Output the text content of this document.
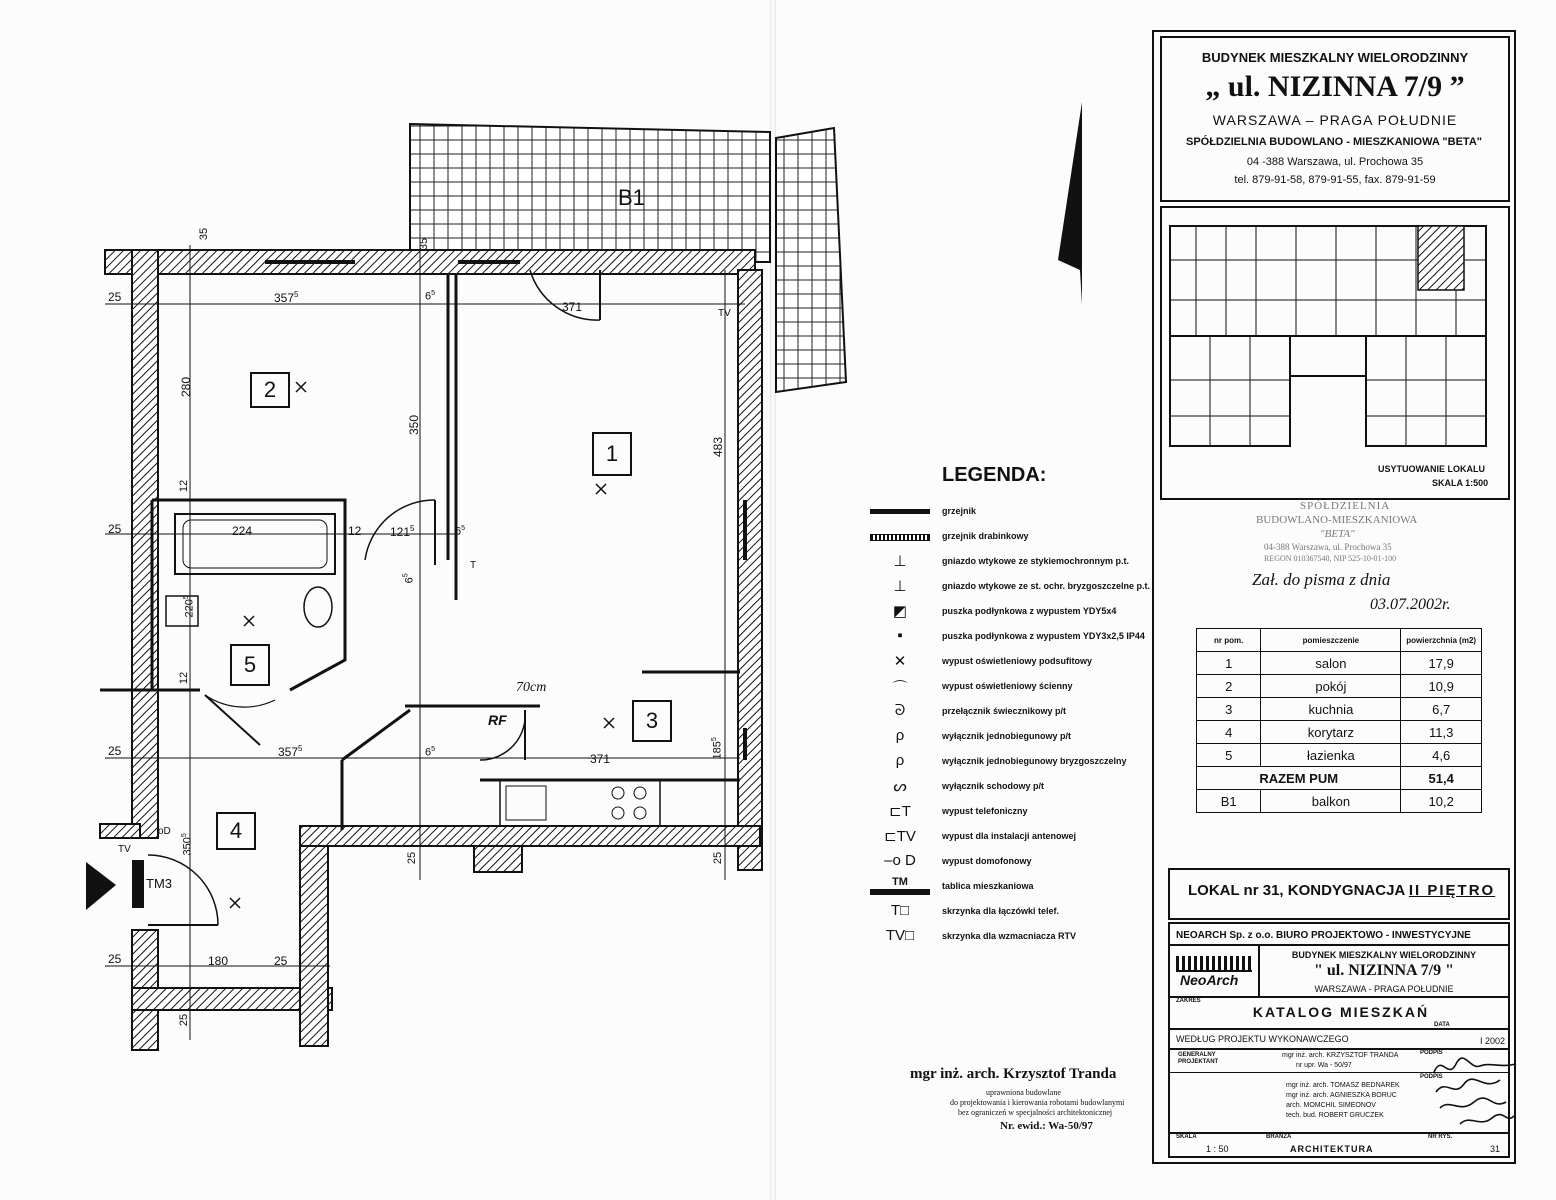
B1
1
2
3
4
5
35
35
25	$357^5$	$6^5$
371
280
350
483
12
25	224	12 $121^5$	$6^5$
$220^5$
$6^5$
12
25	$357^5$	$6^5$
371	$185^5$
$350^5$
25	25
25	180	25
25
TV
TV
T
oD
RF
70cm
TM3
LEGENDA:
grzejnik
grzejnik drabinkowy
⊥	gniazdo wtykowe ze stykiemochronnym p.t.
⊥	gniazdo wtykowe ze st. ochr. bryzgoszczelne p.t.
◩	puszka podłynkowa z wypustem YDY5x4
▪	puszka podłynkowa z wypustem YDY3x2,5 IP44
✕	wypust oświetleniowy podsufitowy
⌒	wypust oświetleniowy ścienny
ᘐ	przełącznik świecznikowy p/t
ρ	wyłącznik jednobiegunowy p/t
ρ	wyłącznik jednobiegunowy bryzgoszczelny
ᔕ	wyłącznik schodowy p/t
⊏T	wypust telefoniczny
⊏TV	wypust dla instalacji antenowej
–o D	wypust domofonowy
TM	tablica mieszkaniowa
T□	skrzynka dla łączówki telef.
TV□	skrzynka dla wzmacniacza RTV
mgr inż. arch. Krzysztof Tranda
uprawniona budowlane
do projektowania i kierowania robotami budowlanymi
bez ograniczeń w specjalności architektonicznej
Nr. ewid.: Wa-50/97
BUDYNEK MIESZKALNY WIELORODZINNY
„ ul. NIZINNA 7/9 ”
WARSZAWA – PRAGA POŁUDNIE
SPÓŁDZIELNIA BUDOWLANO - MIESZKANIOWA "BETA"
04 -388 Warszawa, ul. Prochowa 35
tel. 879-91-58, 879-91-55, fax. 879-91-59
USYTUOWANIE LOKALU
SKALA 1:500
SPÓŁDZIELNIA
BUDOWLANO-MIESZKANIOWA
"BETA"
04-388 Warszawa, ul. Prochowa 35
REGON 010367540, NIP 525-10-01-100
Zał. do pisma z dnia
03.07.2002r.
nr pom.	pomieszczenie	powierzchnia (m2)
1	salon	17,9
2	pokój	10,9
3	kuchnia	6,7
4	korytarz	11,3
5	łazienka	4,6
RAZEM PUM		51,4
B1	balkon	10,2
LOKAL nr 31, KONDYGNACJA II PIĘTRO
NEOARCH Sp. z o.o. BIURO PROJEKTOWO - INWESTYCYJNE
NeoArch
BUDYNEK MIESZKALNY WIELORODZINNY
" ul. NIZINNA 7/9 "
WARSZAWA - PRAGA POŁUDNIE
ZAKRES
KATALOG MIESZKAŃ
WEDŁUG PROJEKTU WYKONAWCZEGO
DATA
I 2002
GENERALNY PROJEKTANT
mgr inż. arch. KRZYSZTOF TRANDA
nr upr. Wa - 50/97
PODPIS
PODPIS
mgr inż. arch. TOMASZ BEDNAREK
mgr inż. arch. AGNIESZKA BORUC
arch. MOMCHIL SIMEONOV
tech. bud. ROBERT GRUCZEK
SKALA
1 : 50
BRANŻA
ARCHITEKTURA
NR RYS.
31
